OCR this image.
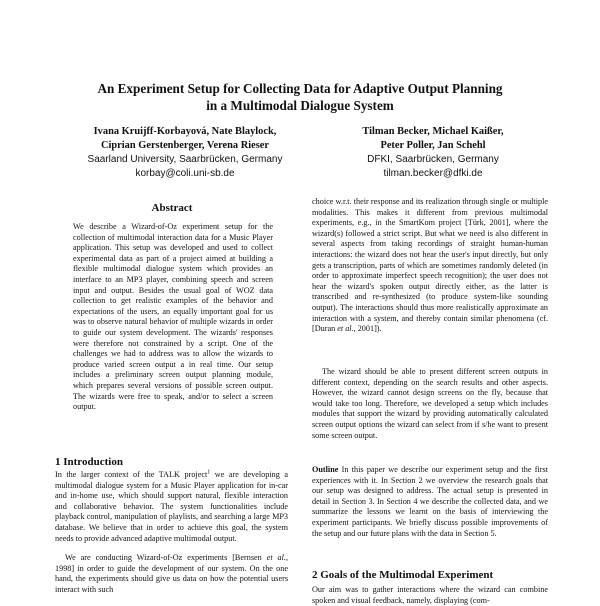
An Experiment Setup for Collecting Data for Adaptive Output Planning
in a Multimodal Dialogue System
Ivana Kruijff-Korbayová, Nate Blaylock,
Ciprian Gerstenberger, Verena Rieser
Saarland University, Saarbrücken, Germany
korbay@coli.uni-sb.de
Tilman Becker, Michael Kaißer,
Peter Poller, Jan Schehl
DFKI, Saarbrücken, Germany
tilman.becker@dfki.de
Abstract
We describe a Wizard-of-Oz experiment setup for the collection of multimodal interaction data for a Music Player application. This setup was developed and used to collect experimental data as part of a project aimed at building a flexible multimodal dialogue system which provides an interface to an MP3 player, combining speech and screen input and output. Besides the usual goal of WOZ data collection to get realistic examples of the behavior and expectations of the users, an equally important goal for us was to observe natural behavior of multiple wizards in order to guide our system development. The wizards' responses were therefore not constrained by a script. One of the challenges we had to address was to allow the wizards to produce varied screen output a in real time. Our setup includes a preliminary screen output planning module, which prepares several versions of possible screen output. The wizards were free to speak, and/or to select a screen output.
1 Introduction
In the larger context of the TALK project$^1$ we are developing a multimodal dialogue system for a Music Player application for in-car and in-home use, which should support natural, flexible interaction and collaborative behavior. The system functionalities include playback control, manipulation of playlists, and searching a large MP3 database. We believe that in order to achieve this goal, the system needs to provide advanced adaptive multimodal output.
We are conducting Wizard-of-Oz experiments [Bernsen et al., 1998] in order to guide the development of our system. On the one hand, the experiments should give us data on how the potential users interact with such
choice w.r.t. their response and its realization through single or multiple modalities. This makes it different from previous multimodal experiments, e.g., in the SmartKom project [Türk, 2001], where the wizard(s) followed a strict script. But what we need is also different in several aspects from taking recordings of straight human-human interactions: the wizard does not hear the user's input directly, but only gets a transcription, parts of which are sometimes randomly deleted (in order to approximate imperfect speech recognition); the user does not hear the wizard's spoken output directly either, as the latter is transcribed and re-synthesized (to produce system-like sounding output). The interactions should thus more realistically approximate an interaction with a system, and thereby contain similar phenomena (cf. [Duran et al., 2001]).
The wizard should be able to present different screen outputs in different context, depending on the search results and other aspects. However, the wizard cannot design screens on the fly, because that would take too long. Therefore, we developed a setup which includes modules that support the wizard by providing automatically calculated screen output options the wizard can select from if s/he want to present some screen output.
Outline In this paper we describe our experiment setup and the first experiences with it. In Section 2 we overview the research goals that our setup was designed to address. The actual setup is presented in detail in Section 3. In Section 4 we describe the collected data, and we summarize the lessons we learnt on the basis of interviewing the experiment participants. We briefly discuss possible improvements of the setup and our future plans with the data in Section 5.
2 Goals of the Multimodal Experiment
Our aim was to gather interactions where the wizard can combine spoken and visual feedback, namely, displaying (com-
